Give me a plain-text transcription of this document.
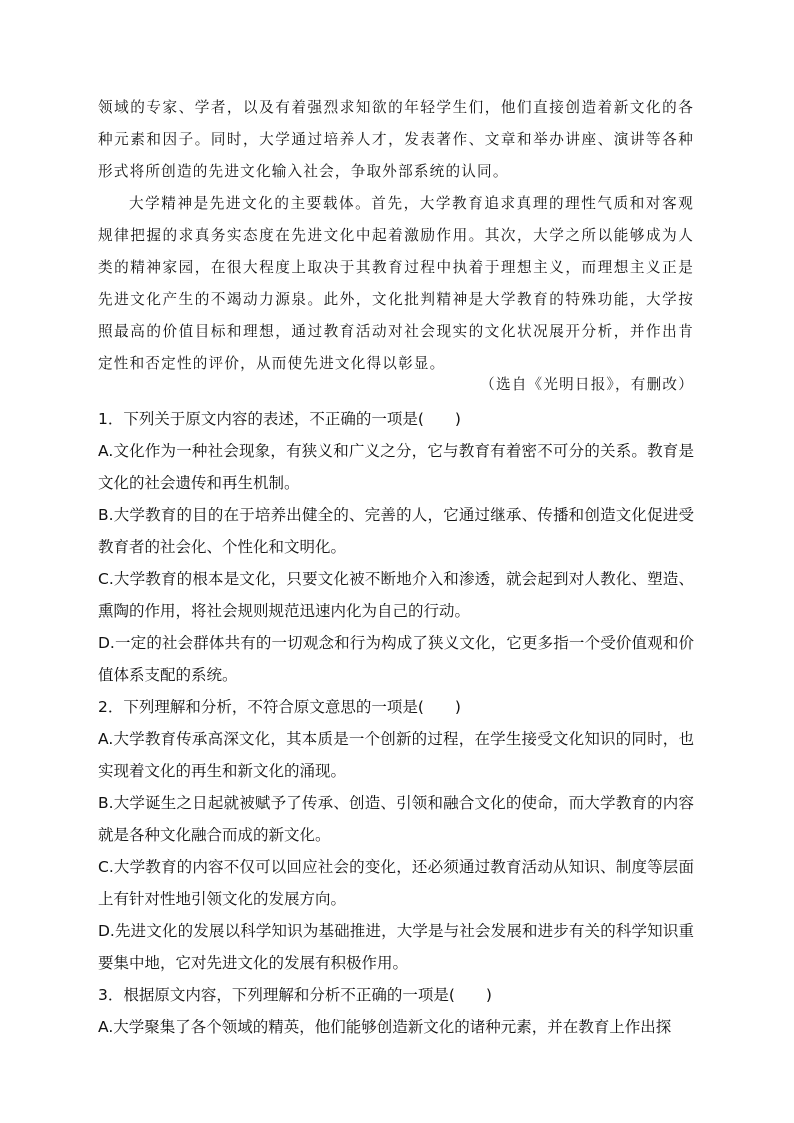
领域的专家、学者，以及有着强烈求知欲的年轻学生们，他们直接创造着新文化的各种元素和因子。同时，大学通过培养人才，发表著作、文章和举办讲座、演讲等各种形式将所创造的先进文化输入社会，争取外部系统的认同。

大学精神是先进文化的主要载体。首先，大学教育追求真理的理性气质和对客观规律把握的求真务实态度在先进文化中起着激励作用。其次，大学之所以能够成为人类的精神家园，在很大程度上取决于其教育过程中执着于理想主义，而理想主义正是先进文化产生的不竭动力源泉。此外，文化批判精神是大学教育的特殊功能，大学按照最高的价值目标和理想，通过教育活动对社会现实的文化状况展开分析，并作出肯定性和否定性的评价，从而使先进文化得以彰显。

（选自《光明日报》，有删改）

1．下列关于原文内容的表述，不正确的一项是(　　)

A.文化作为一种社会现象，有狭义和广义之分，它与教育有着密不可分的关系。教育是文化的社会遗传和再生机制。

B.大学教育的目的在于培养出健全的、完善的人，它通过继承、传播和创造文化促进受教育者的社会化、个性化和文明化。

C.大学教育的根本是文化，只要文化被不断地介入和渗透，就会起到对人教化、塑造、熏陶的作用，将社会规则规范迅速内化为自己的行动。

D.一定的社会群体共有的一切观念和行为构成了狭义文化，它更多指一个受价值观和价值体系支配的系统。

2．下列理解和分析，不符合原文意思的一项是(　　)

A.大学教育传承高深文化，其本质是一个创新的过程，在学生接受文化知识的同时，也实现着文化的再生和新文化的涌现。

B.大学诞生之日起就被赋予了传承、创造、引领和融合文化的使命，而大学教育的内容就是各种文化融合而成的新文化。

C.大学教育的内容不仅可以回应社会的变化，还必须通过教育活动从知识、制度等层面上有针对性地引领文化的发展方向。

D.先进文化的发展以科学知识为基础推进，大学是与社会发展和进步有关的科学知识重要集中地，它对先进文化的发展有积极作用。

3．根据原文内容，下列理解和分析不正确的一项是(　　)

A.大学聚集了各个领域的精英，他们能够创造新文化的诸种元素，并在教育上作出探
